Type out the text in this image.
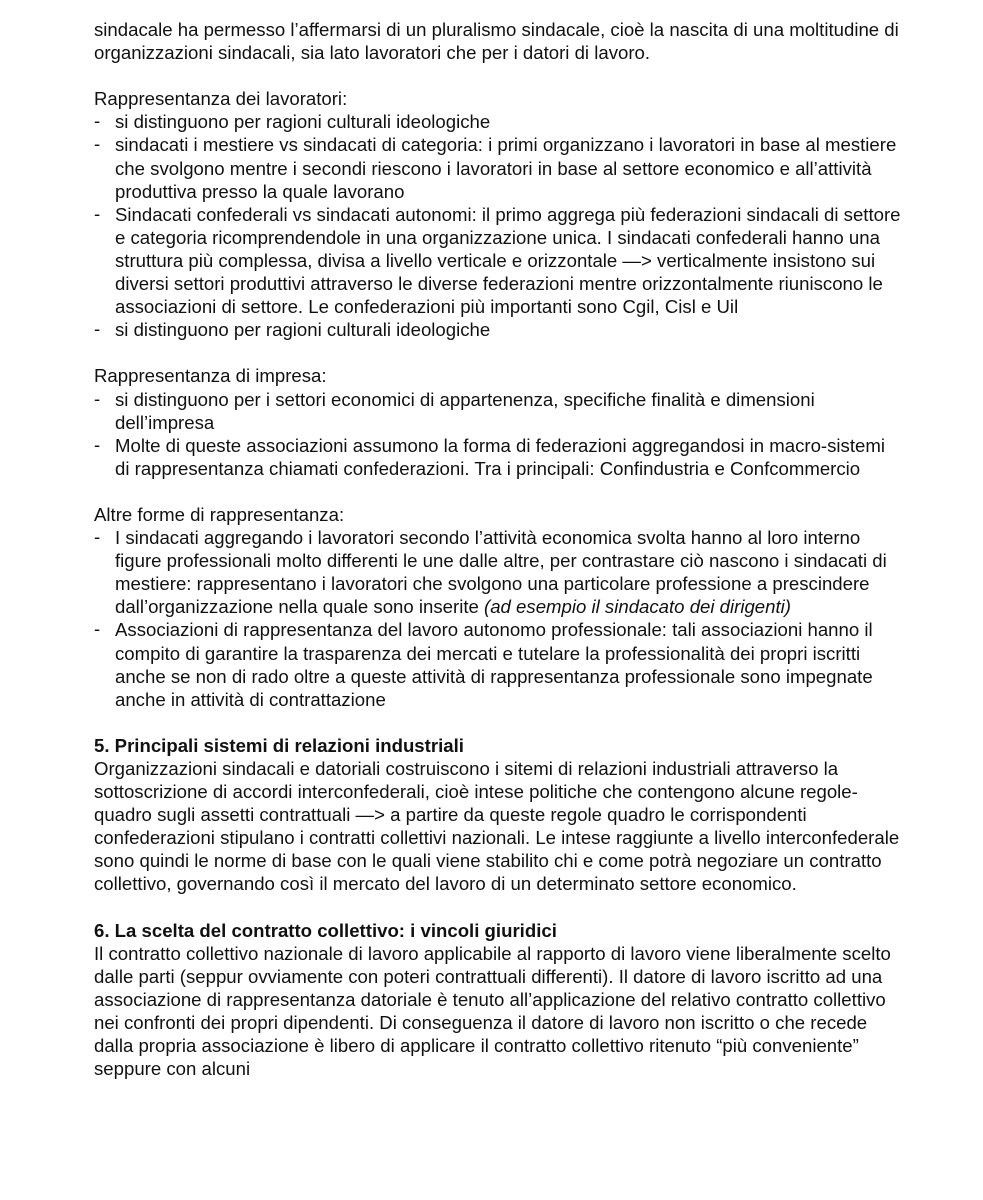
sindacale ha permesso l’affermarsi di un pluralismo sindacale, cioè la nascita di una moltitudine di organizzazioni sindacali, sia lato lavoratori che per i datori di lavoro.

Rappresentanza dei lavoratori:

- si distinguono per ragioni culturali ideologiche
- sindacati i mestiere vs sindacati di categoria: i primi organizzano i lavoratori in base al mestiere che svolgono mentre i secondi riescono i lavoratori in base al settore economico e all’attività produttiva presso la quale lavorano
- Sindacati confederali vs sindacati autonomi: il primo aggrega più federazioni sindacali di settore e categoria ricomprendendole in una organizzazione unica. I sindacati confederali hanno una struttura più complessa, divisa a livello verticale e orizzontale —> verticalmente insistono sui diversi settori produttivi attraverso le diverse federazioni mentre orizzontalmente riuniscono le associazioni di settore. Le confederazioni più importanti sono Cgil, Cisl e Uil
- si distinguono per ragioni culturali ideologiche

Rappresentanza di impresa:

- si distinguono per i settori economici di appartenenza, specifiche finalità e dimensioni dell’impresa
- Molte di queste associazioni assumono la forma di federazioni aggregandosi in macro-sistemi di rappresentanza chiamati confederazioni. Tra i principali: Confindustria e Confcommercio

Altre forme di rappresentanza:

- I sindacati aggregando i lavoratori secondo l’attività economica svolta hanno al loro interno figure professionali molto differenti le une dalle altre, per contrastare ciò nascono i sindacati di mestiere: rappresentano i lavoratori che svolgono una particolare professione a prescindere dall’organizzazione nella quale sono inserite (ad esempio il sindacato dei dirigenti)
- Associazioni di rappresentanza del lavoro autonomo professionale: tali associazioni hanno il compito di garantire la trasparenza dei mercati e tutelare la professionalità dei propri iscritti anche se non di rado oltre a queste attività di rappresentanza professionale sono impegnate anche in attività di contrattazione

5. Principali sistemi di relazioni industriali

Organizzazioni sindacali e datoriali costruiscono i sitemi di relazioni industriali attraverso la sottoscrizione di accordi interconfederali, cioè intese politiche che contengono alcune regole-quadro sugli assetti contrattuali —> a partire da queste regole quadro le corrispondenti confederazioni stipulano i contratti collettivi nazionali. Le intese raggiunte a livello interconfederale sono quindi le norme di base con le quali viene stabilito chi e come potrà negoziare un contratto collettivo, governando così il mercato del lavoro di un determinato settore economico.

6. La scelta del contratto collettivo: i vincoli giuridici

Il contratto collettivo nazionale di lavoro applicabile al rapporto di lavoro viene liberalmente scelto dalle parti (seppur ovviamente con poteri contrattuali differenti). Il datore di lavoro iscritto ad una associazione di rappresentanza datoriale è tenuto all’applicazione del relativo contratto collettivo nei confronti dei propri dipendenti. Di conseguenza il datore di lavoro non iscritto o che recede dalla propria associazione è libero di applicare il contratto collettivo ritenuto “più conveniente” seppure con alcuni
